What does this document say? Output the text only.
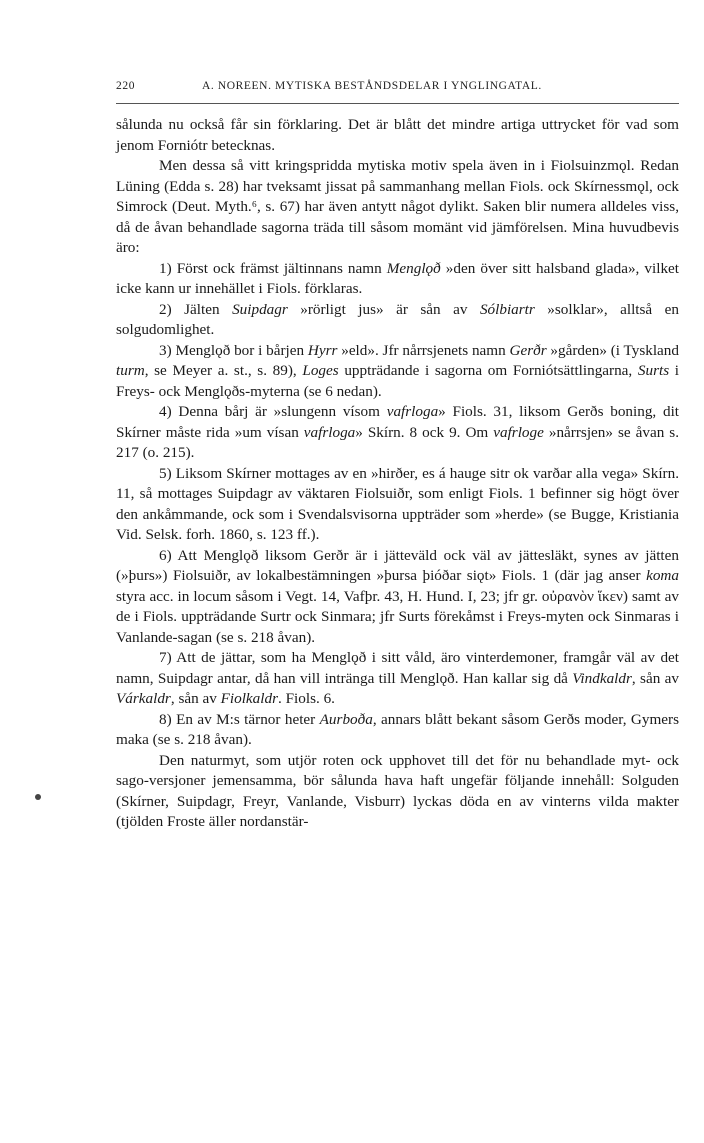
220	A. NOREEN. MYTISKA BESTÅNDSDELAR I YNGLINGATAL.

sålunda nu också får sin förklaring. Det är blått det mindre artiga uttrycket för vad som jenom Forniótr betecknas.

Men dessa så vitt kringspridda mytiska motiv spela även in i Fiolsuinzmǫl. Redan Lüning (Edda s. 28) har tveksamt jissat på sammanhang mellan Fiols. ock Skírnessmǫl, ock Simrock (Deut. Myth.⁶, s. 67) har även antytt något dylikt. Saken blir numera alldeles viss, då de åvan behandlade sagorna träda till såsom momänt vid jämförelsen. Mina huvudbevis äro:

1) Först ock främst jältinnans namn Menglǫð »den över sitt halsband glada», vilket icke kann ur innehället i Fiols. förklaras.

2) Jälten Suipdagr »rörligt jus» är sån av Sólbiartr »solklar», alltså en solgudomlighet.

3) Menglǫð bor i bårjen Hyrr »eld». Jfr nårrsjenets namn Gerðr »gården» (i Tyskland turm, se Meyer a. st., s. 89), Loges uppträdande i sagorna om Forniótsättlingarna, Surts i Freys- ock Menglǫðs-myterna (se 6 nedan).

4) Denna bårj är »slungenn vísom vafrloga» Fiols. 31, liksom Gerðs boning, dit Skírner måste rida »um vísan vafrloga» Skírn. 8 ock 9. Om vafrloge »nårrsjen» se åvan s. 217 (o. 215).

5) Liksom Skírner mottages av en »hirðer, es á hauge sitr ok varðar alla vega» Skírn. 11, så mottages Suipdagr av väktaren Fiolsuiðr, som enligt Fiols. 1 befinner sig högt över den ankåmmande, ock som i Svendalsvisorna uppträder som »herde» (se Bugge, Kristiania Vid. Selsk. forh. 1860, s. 123 ff.).

6) Att Menglǫð liksom Gerðr är i jätteväld ock väl av jättesläkt, synes av jätten (»þurs») Fiolsuiðr, av lokalbestämningen »þursa þióðar siǫt» Fiols. 1 (där jag anser koma styra acc. in locum såsom i Vegt. 14, Vafþr. 43, H. Hund. I, 23; jfr gr. οὐρανὸν ἵκεν) samt av de i Fiols. uppträdande Surtr ock Sinmara; jfr Surts förekåmst i Freys-myten ock Sinmaras i Vanlande-sagan (se s. 218 åvan).

7) Att de jättar, som ha Menglǫð i sitt våld, äro vinterdemoner, framgår väl av det namn, Suipdagr antar, då han vill intränga till Menglǫð. Han kallar sig då Vindkaldr, sån av Várkaldr, sån av Fiolkaldr. Fiols. 6.

8) En av M:s tärnor heter Aurboða, annars blått bekant såsom Gerðs moder, Gymers maka (se s. 218 åvan).

Den naturmyt, som utjör roten ock upphovet till det för nu behandlade myt- ock sago-versjoner jemensamma, bör sålunda hava haft ungefär följande innehåll: Solguden (Skírner, Suipdagr, Freyr, Vanlande, Visburr) lyckas döda en av vinterns vilda makter (tjölden Froste äller nordanstär-
